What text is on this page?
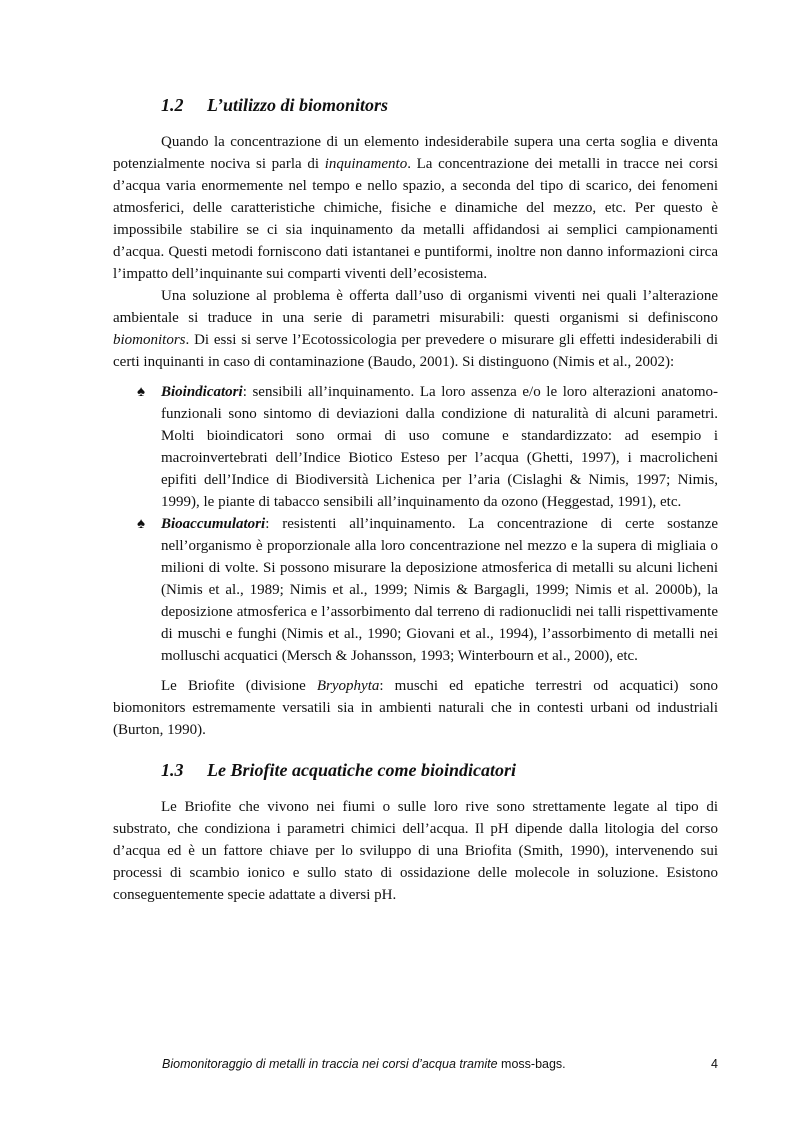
1.2 L’utilizzo di biomonitors

Quando la concentrazione di un elemento indesiderabile supera una certa soglia e diventa potenzialmente nociva si parla di inquinamento. La concentrazione dei metalli in tracce nei corsi d’acqua varia enormemente nel tempo e nello spazio, a seconda del tipo di scarico, dei fenomeni atmosferici, delle caratteristiche chimiche, fisiche e dinamiche del mezzo, etc. Per questo è impossibile stabilire se ci sia inquinamento da metalli affidandosi ai semplici campionamenti d’acqua. Questi metodi forniscono dati istantanei e puntiformi, inoltre non danno informazioni circa l’impatto dell’inquinante sui comparti viventi dell’ecosistema.

Una soluzione al problema è offerta dall’uso di organismi viventi nei quali l’alterazione ambientale si traduce in una serie di parametri misurabili: questi organismi si definiscono biomonitors. Di essi si serve l’Ecotossicologia per prevedere o misurare gli effetti indesiderabili di certi inquinanti in caso di contaminazione (Baudo, 2001). Si distinguono (Nimis et al., 2002):

♠ Bioindicatori: sensibili all’inquinamento. La loro assenza e/o le loro alterazioni anatomo-funzionali sono sintomo di deviazioni dalla condizione di naturalità di alcuni parametri. Molti bioindicatori sono ormai di uso comune e standardizzato: ad esempio i macroinvertebrati dell’Indice Biotico Esteso per l’acqua (Ghetti, 1997), i macrolicheni epifiti dell’Indice di Biodiversità Lichenica per l’aria (Cislaghi & Nimis, 1997; Nimis, 1999), le piante di tabacco sensibili all’inquinamento da ozono (Heggestad, 1991), etc.
♠ Bioaccumulatori: resistenti all’inquinamento. La concentrazione di certe sostanze nell’organismo è proporzionale alla loro concentrazione nel mezzo e la supera di migliaia o milioni di volte. Si possono misurare la deposizione atmosferica di metalli su alcuni licheni (Nimis et al., 1989; Nimis et al., 1999; Nimis & Bargagli, 1999; Nimis et al. 2000b), la deposizione atmosferica e l’assorbimento dal terreno di radionuclidi nei talli rispettivamente di muschi e funghi (Nimis et al., 1990; Giovani et al., 1994), l’assorbimento di metalli nei molluschi acquatici (Mersch & Johansson, 1993; Winterbourn et al., 2000), etc.

Le Briofite (divisione Bryophyta: muschi ed epatiche terrestri od acquatici) sono biomonitors estremamente versatili sia in ambienti naturali che in contesti urbani od industriali (Burton, 1990).

1.3 Le Briofite acquatiche come bioindicatori

Le Briofite che vivono nei fiumi o sulle loro rive sono strettamente legate al tipo di substrato, che condiziona i parametri chimici dell’acqua. Il pH dipende dalla litologia del corso d’acqua ed è un fattore chiave per lo sviluppo di una Briofita (Smith, 1990), intervenendo sui processi di scambio ionico e sullo stato di ossidazione delle molecole in soluzione. Esistono conseguentemente specie adattate a diversi pH.

Biomonitoraggio di metalli in traccia nei corsi d’acqua tramite moss-bags.	4
